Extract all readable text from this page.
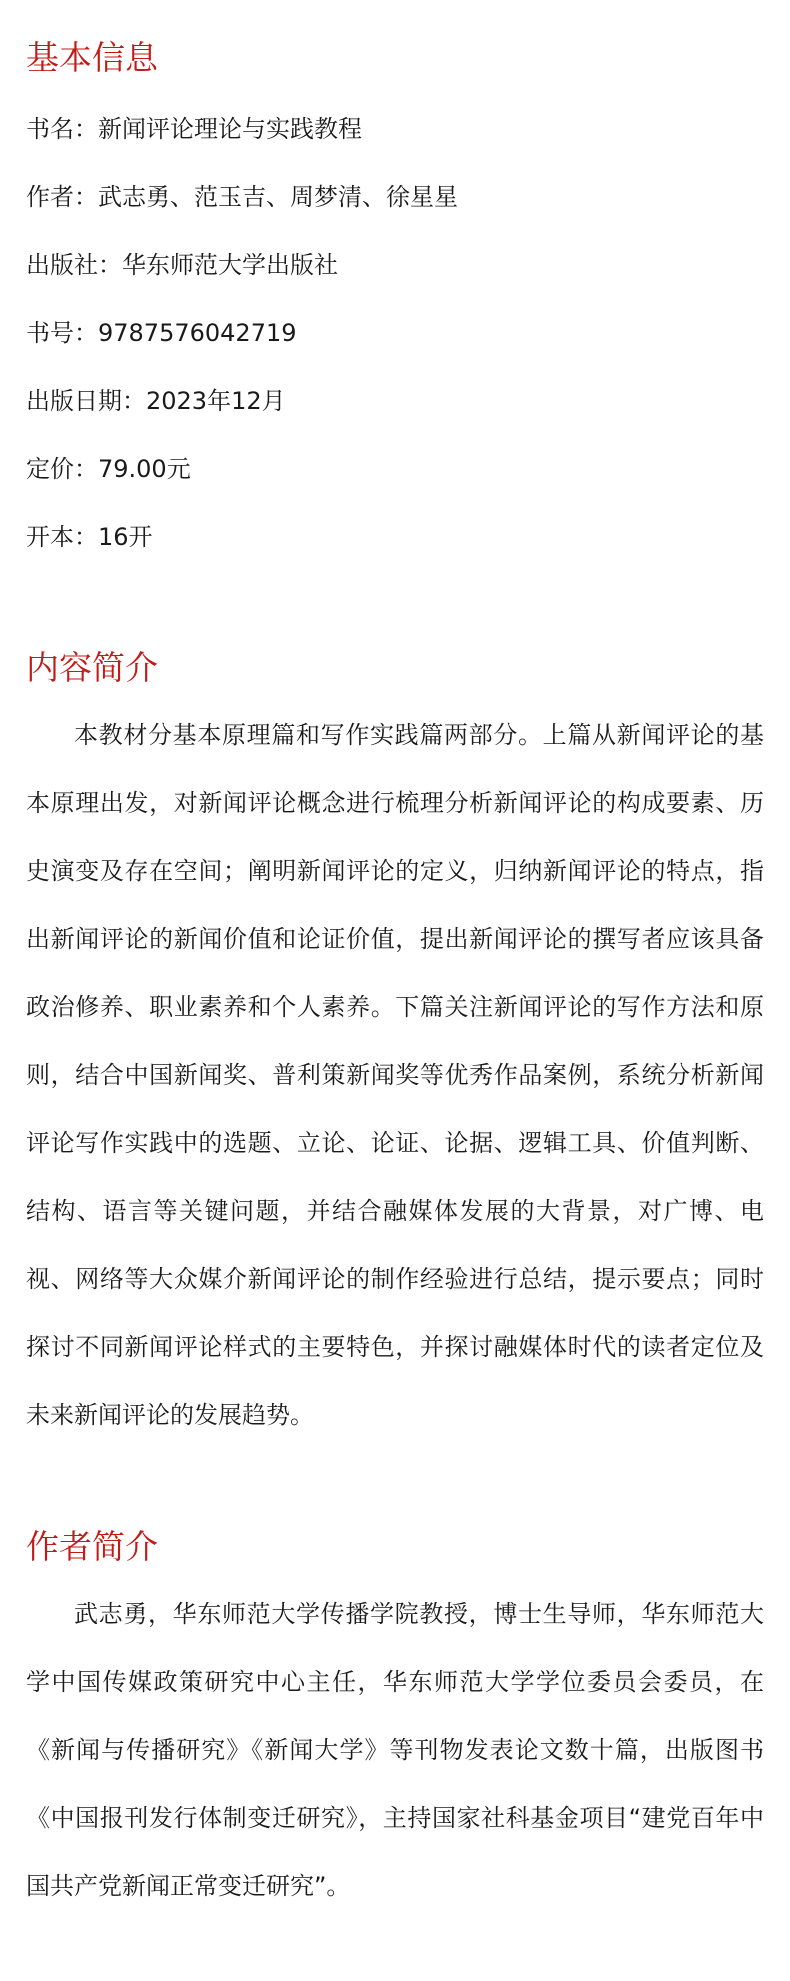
基本信息
书名：新闻评论理论与实践教程
作者：武志勇、范玉吉、周梦清、徐星星
出版社：华东师范大学出版社
书号：9787576042719
出版日期：2023年12月
定价：79.00元
开本：16开
内容简介

本教材分基本原理篇和写作实践篇两部分。上篇从新闻评论的基本原理出发，对新闻评论概念进行梳理分析新闻评论的构成要素、历史演变及存在空间；阐明新闻评论的定义，归纳新闻评论的特点，指出新闻评论的新闻价值和论证价值，提出新闻评论的撰写者应该具备政治修养、职业素养和个人素养。下篇关注新闻评论的写作方法和原则，结合中国新闻奖、普利策新闻奖等优秀作品案例，系统分析新闻评论写作实践中的选题、立论、论证、论据、逻辑工具、价值判断、结构、语言等关键问题，并结合融媒体发展的大背景，对广博、电视、网络等大众媒介新闻评论的制作经验进行总结，提示要点；同时探讨不同新闻评论样式的主要特色，并探讨融媒体时代的读者定位及未来新闻评论的发展趋势。

作者简介

武志勇，华东师范大学传播学院教授，博士生导师，华东师范大学中国传媒政策研究中心主任，华东师范大学学位委员会委员，在《新闻与传播研究》《新闻大学》等刊物发表论文数十篇，出版图书《中国报刊发行体制变迁研究》，主持国家社科基金项目“建党百年中国共产党新闻正常变迁研究”。
